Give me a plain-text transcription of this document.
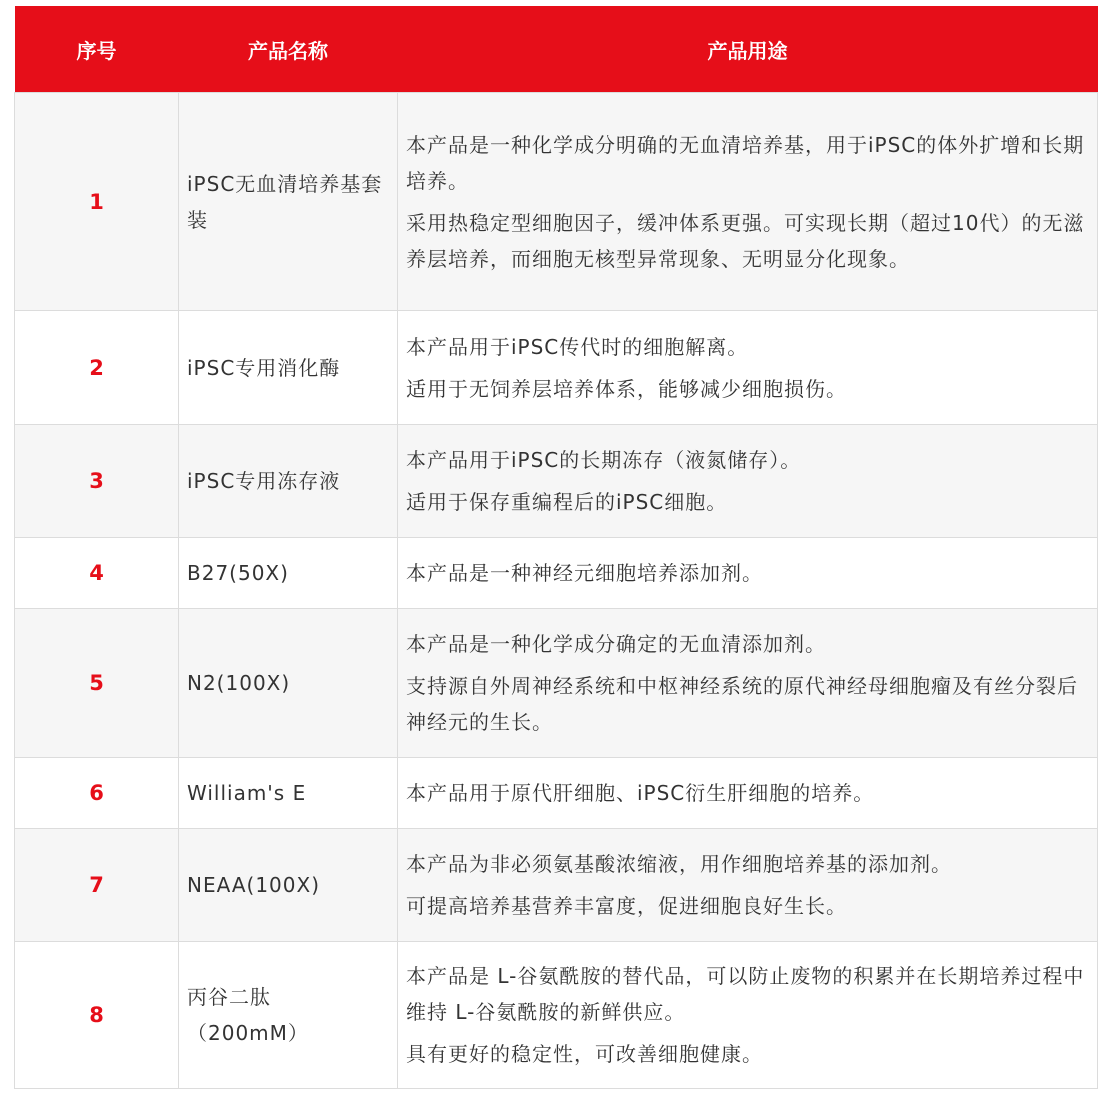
序号	产品名称	产品用途
1	iPSC无血清培养基套装	本产品是一种化学成分明确的无血清培养基，用于iPSC的体外扩增和长期培养。

采用热稳定型细胞因子，缓冲体系更强。可实现长期（超过10代）的无滋养层培养，而细胞无核型异常现象、无明显分化现象。

2	iPSC专用消化酶	本产品用于iPSC传代时的细胞解离。

适用于无饲养层培养体系，能够减少细胞损伤。

3	iPSC专用冻存液	本产品用于iPSC的长期冻存（液氮储存）。

适用于保存重编程后的iPSC细胞。

4	B27(50X)	本产品是一种神经元细胞培养添加剂。

5	N2(100X)	本产品是一种化学成分确定的无血清添加剂。

支持源自外周神经系统和中枢神经系统的原代神经母细胞瘤及有丝分裂后神经元的生长。

6	William's E	本产品用于原代肝细胞、iPSC衍生肝细胞的培养。

7	NEAA(100X)	本产品为非必须氨基酸浓缩液，用作细胞培养基的添加剂。

可提高培养基营养丰富度，促进细胞良好生长。

8	丙谷二肽 （200mM）	本产品是 L-谷氨酰胺的替代品，可以防止废物的积累并在长期培养过程中维持 L-谷氨酰胺的新鲜供应。

具有更好的稳定性，可改善细胞健康。
